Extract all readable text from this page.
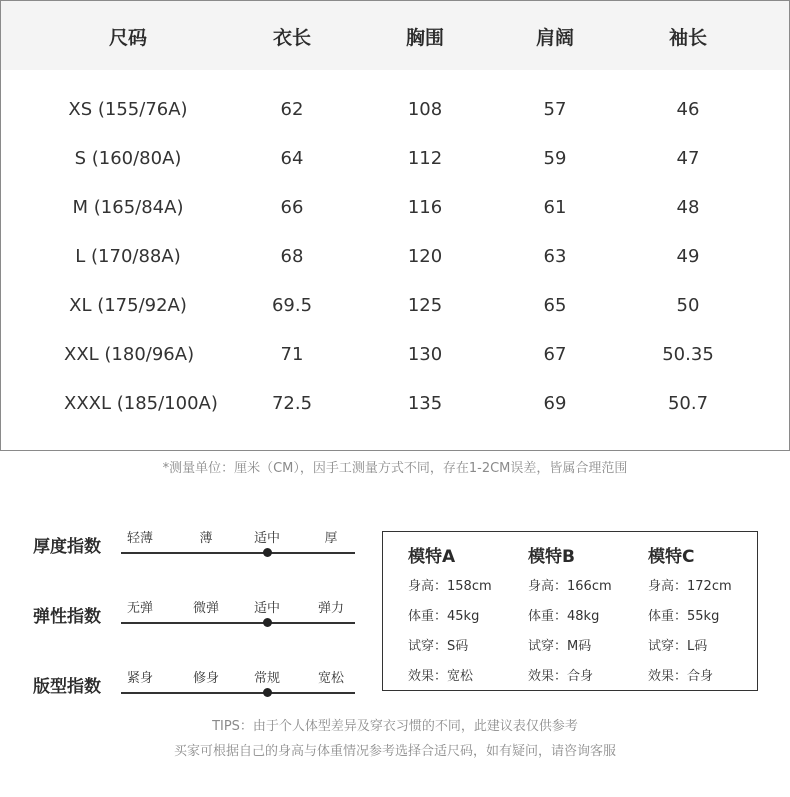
尺码	衣长	胸围	肩阔	袖长
XS (155/76A)	62	108	57	46
S (160/80A)	64	112	59	47
M (165/84A)	66	116	61	48
L (170/88A)	68	120	63	49
XL (175/92A)	69.5	125	65	50
XXL (180/96A)	71	130	67	50.35
XXXL (185/100A)	72.5	135	69	50.7
*测量单位：厘米（CM），因手工测量方式不同，存在1-2CM误差，皆属合理范围
厚度指数	轻薄	薄	适中	厚
弹性指数	无弹	微弹	适中	弹力
版型指数	紧身	修身	常规	宽松
模特A
身高：158cm
体重：45kg
试穿：S码
效果：宽松
模特B
身高：166cm
体重：48kg
试穿：M码
效果：合身
模特C
身高：172cm
体重：55kg
试穿：L码
效果：合身
TIPS：由于个人体型差异及穿衣习惯的不同，此建议表仅供参考
买家可根据自己的身高与体重情况参考选择合适尺码，如有疑问，请咨询客服
